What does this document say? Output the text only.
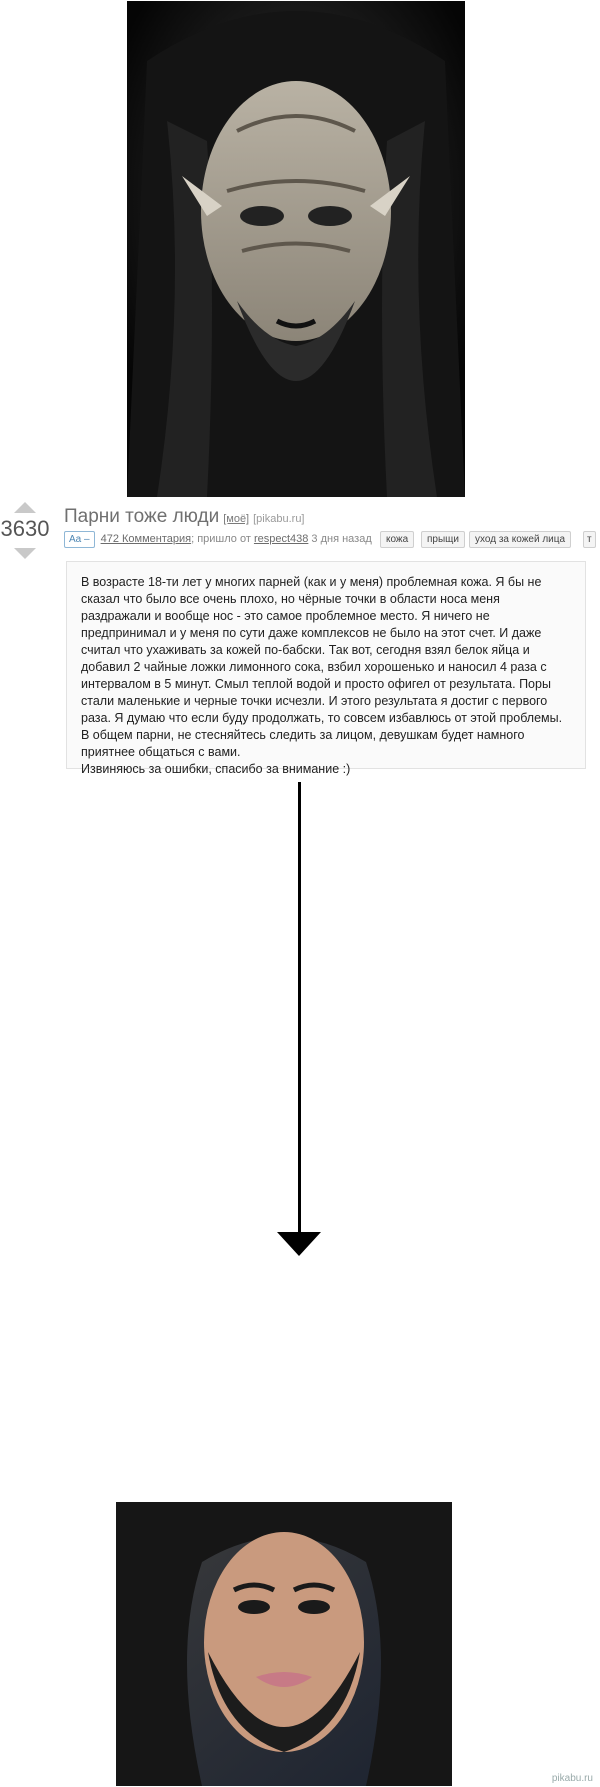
3630 Парни тоже люди [моё] [pikabu.ru]
Aa – 472 Комментария; пришло от respect438 3 дня назад	кожа	прыщи	уход за кожей лица	т

В возрасте 18-ти лет у многих парней (как и у меня) проблемная кожа. Я бы не сказал что было все очень плохо, но чёрные точки в области носа меня раздражали и вообще нос - это самое проблемное место. Я ничего не предпринимал и у меня по сути даже комплексов не было на этот счет. И даже считал что ухаживать за кожей по-бабски. Так вот, сегодня взял белок яйца и добавил 2 чайные ложки лимонного сока, взбил хорошенько и наносил 4 раза с интервалом в 5 минут. Смыл теплой водой и просто офигел от результата. Поры стали маленькие и черные точки исчезли. И этого результата я достиг с первого раза. Я думаю что если буду продолжать, то совсем избавлюсь от этой проблемы. В общем парни, не стесняйтесь следить за лицом, девушкам будет намного приятнее общаться с вами.

Извиняюсь за ошибки, спасибо за внимание :)

pikabu.ru
